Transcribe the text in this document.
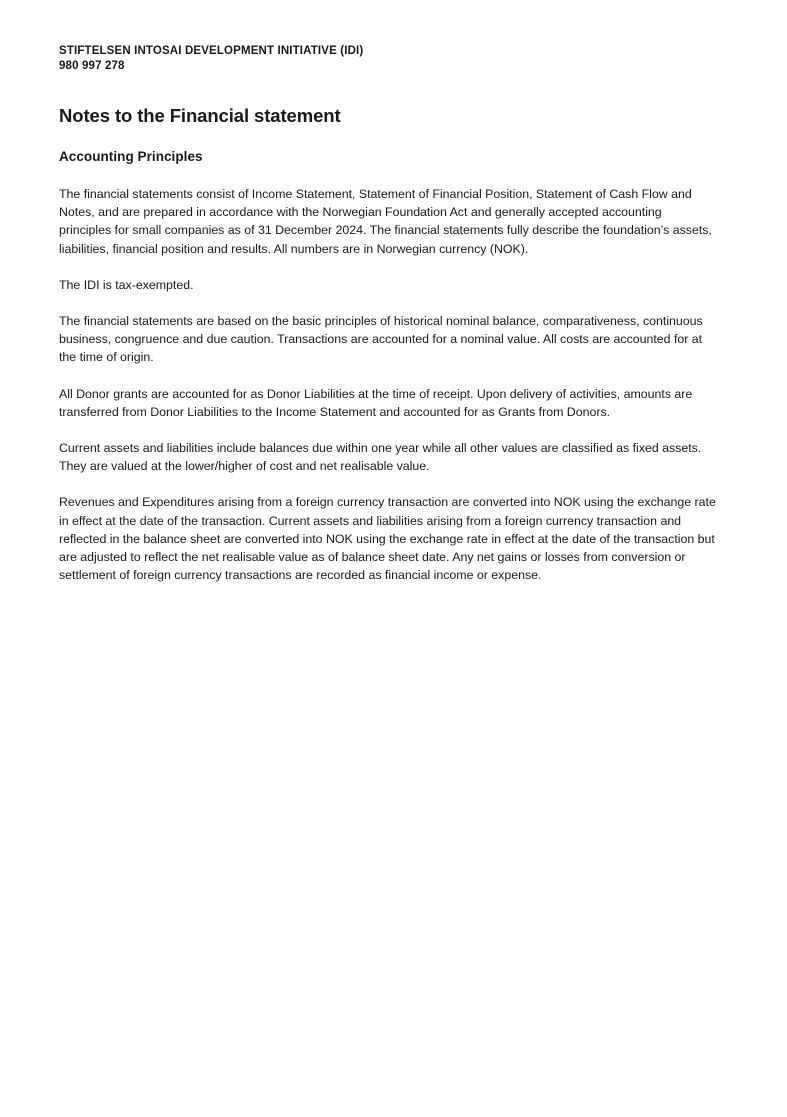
STIFTELSEN INTOSAI DEVELOPMENT INITIATIVE (IDI)
980 997 278
Notes to the Financial statement
Accounting Principles

The financial statements consist of Income Statement, Statement of Financial Position, Statement of Cash Flow and Notes, and are prepared in accordance with the Norwegian Foundation Act and generally accepted accounting principles for small companies as of 31 December 2024. The financial statements fully describe the foundation’s assets, liabilities, financial position and results. All numbers are in Norwegian currency (NOK).

The IDI is tax-exempted.

The financial statements are based on the basic principles of historical nominal balance, comparativeness, continuous business, congruence and due caution. Transactions are accounted for a nominal value. All costs are accounted for at the time of origin.

All Donor grants are accounted for as Donor Liabilities at the time of receipt. Upon delivery of activities, amounts are transferred from Donor Liabilities to the Income Statement and accounted for as Grants from Donors.

Current assets and liabilities include balances due within one year while all other values are classified as fixed assets. They are valued at the lower/higher of cost and net realisable value.

Revenues and Expenditures arising from a foreign currency transaction are converted into NOK using the exchange rate in effect at the date of the transaction. Current assets and liabilities arising from a foreign currency transaction and reflected in the balance sheet are converted into NOK using the exchange rate in effect at the date of the transaction but are adjusted to reflect the net realisable value as of balance sheet date. Any net gains or losses from conversion or settlement of foreign currency transactions are recorded as financial income or expense.
